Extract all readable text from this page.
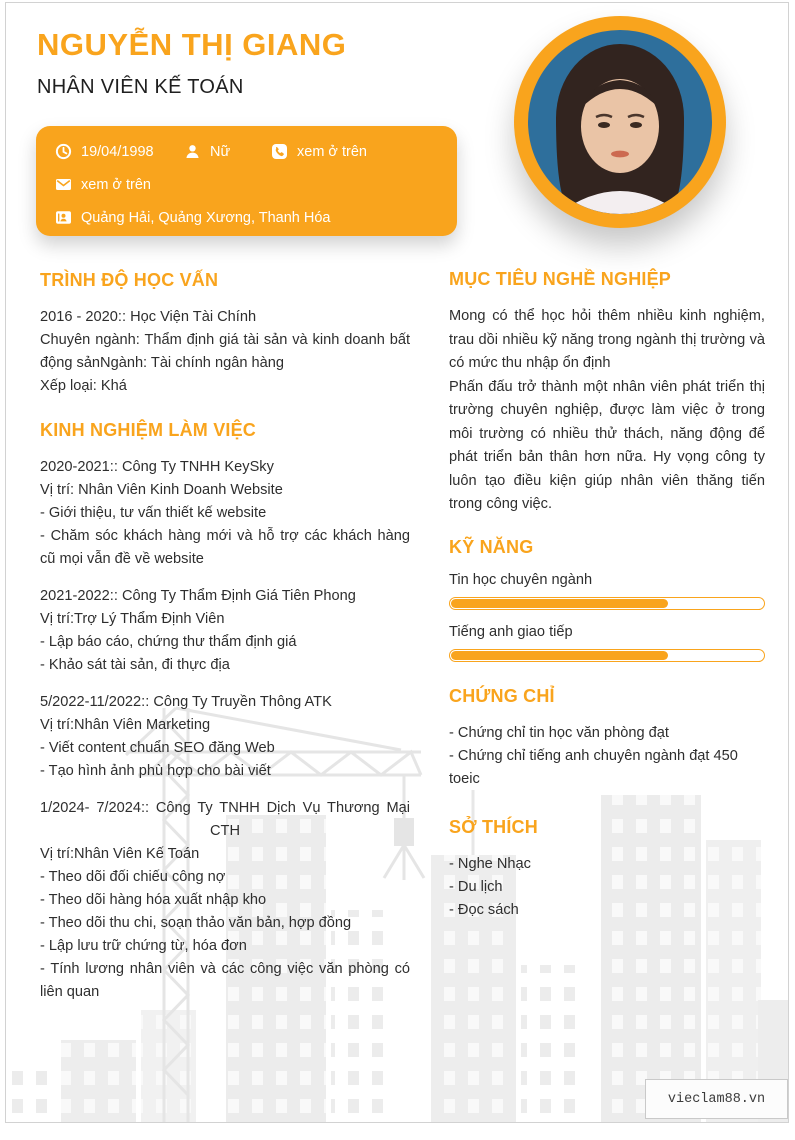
NGUYỄN THỊ GIANG
NHÂN VIÊN KẾ TOÁN
19/04/1998	Nữ	xem ở trên
xem ở trên
Quảng Hải, Quảng Xương, Thanh Hóa
TRÌNH ĐỘ HỌC VẤN
2016 - 2020:: Học Viện Tài Chính
Chuyên ngành: Thẩm định giá tài sản và kinh doanh bất động sảnNgành: Tài chính ngân hàng
Xếp loại: Khá
KINH NGHIỆM LÀM VIỆC
2020-2021:: Công Ty TNHH KeySky
Vị trí: Nhân Viên Kinh Doanh Website
- Giới thiệu, tư vấn thiết kế website
- Chăm sóc khách hàng mới và hỗ trợ các khách hàng cũ mọi vẫn đề về website
2021-2022:: Công Ty Thẩm Định Giá Tiên Phong
Vị trí:Trợ Lý Thẩm Định Viên
- Lập báo cáo, chứng thư thẩm định giá
- Khảo sát tài sản, đi thực địa
5/2022-11/2022:: Công Ty Truyền Thông ATK
Vị trí:Nhân Viên Marketing
- Viết content chuẩn SEO đăng Web
- Tạo hình ảnh phù hợp cho bài viết
1/2024- 7/2024:: Công Ty TNHH Dịch Vụ Thương Mại CTH
Vị trí:Nhân Viên Kế Toán
- Theo dõi đối chiếu công nợ
- Theo dõi hàng hóa xuất nhập kho
- Theo dõi thu chi, soạn thảo văn bản, hợp đồng
- Lập lưu trữ chứng từ, hóa đơn
- Tính lương nhân viên và các công việc văn phòng có liên quan
MỤC TIÊU NGHỀ NGHIỆP

Mong có thể học hỏi thêm nhiều kinh nghiệm, trau dồi nhiều kỹ năng trong ngành thị trường và có mức thu nhập ổn định

Phấn đấu trở thành một nhân viên phát triển thị trường chuyên nghiệp, được làm việc ở trong môi trường có nhiều thử thách, năng động để phát triển bản thân hơn nữa. Hy vọng công ty luôn tạo điều kiện giúp nhân viên thăng tiến trong công việc.

KỸ NĂNG
Tin học chuyên ngành
Tiếng anh giao tiếp
CHỨNG CHỈ
- Chứng chỉ tin học văn phòng đạt
- Chứng chỉ tiếng anh chuyên ngành đạt 450 toeic
SỞ THÍCH
- Nghe Nhạc
- Du lịch
- Đọc sách
vieclam88.vn
